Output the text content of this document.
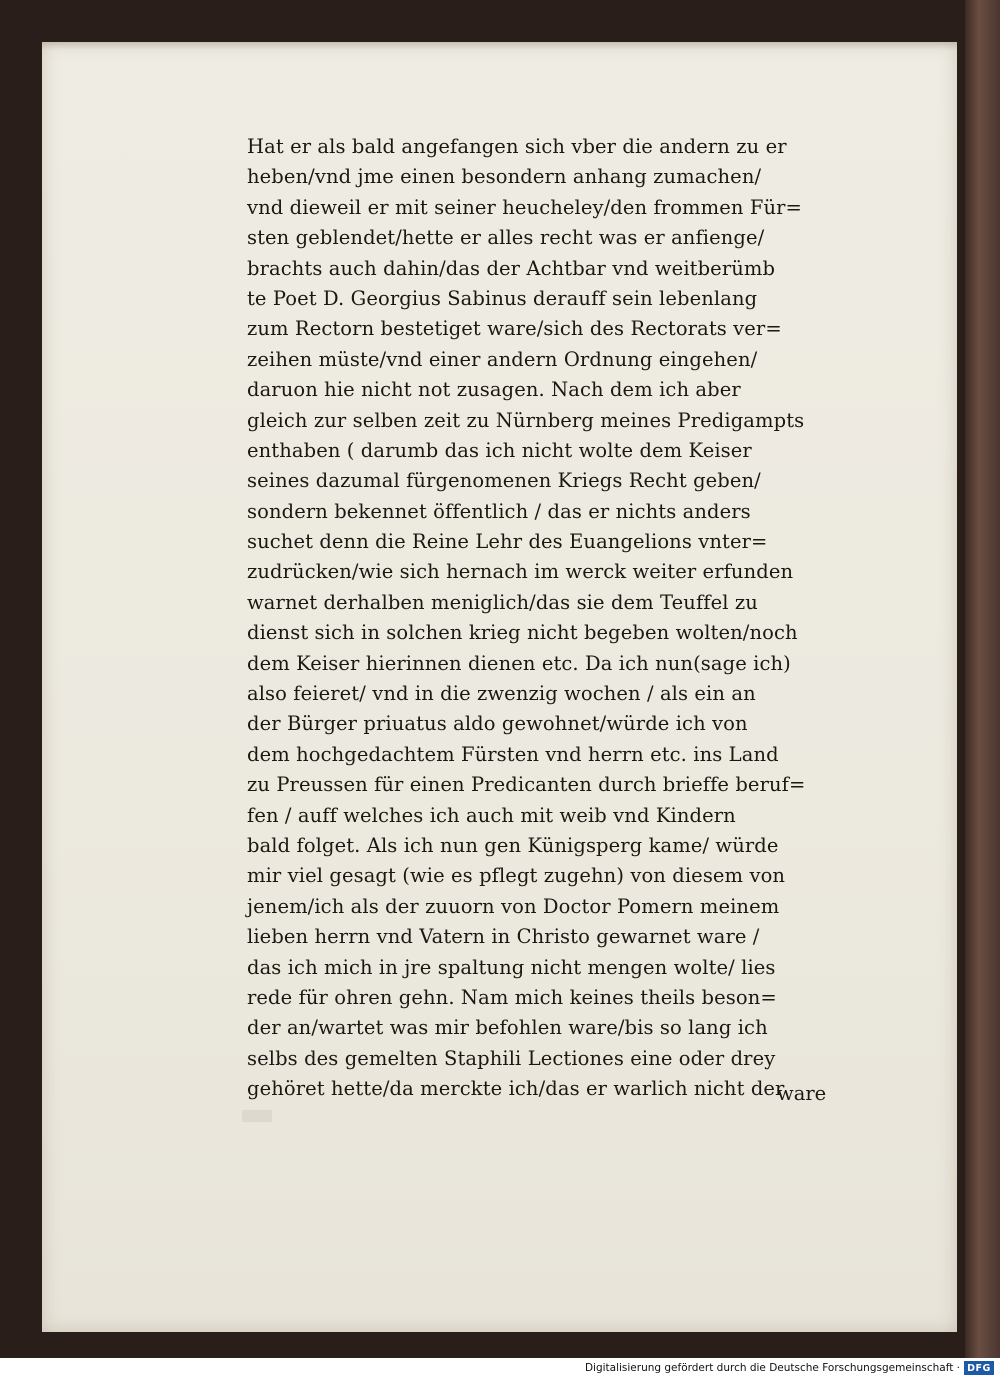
Hat er als bald angefangen sich vber die andern zu er
heben/vnd jme einen besondern anhang zumachen/
vnd dieweil er mit seiner heucheley/den frommen Für=
sten geblendet/hette er alles recht was er anfienge/
brachts auch dahin/das der Achtbar vnd weitberümb
te Poet D. Georgius Sabinus derauff sein lebenlang
zum Rectorn bestetiget ware/sich des Rectorats ver=
zeihen müste/vnd einer andern Ordnung eingehen/
daruon hie nicht not zusagen. Nach dem ich aber
gleich zur selben zeit zu Nürnberg meines Predigampts
enthaben ( darumb das ich nicht wolte dem Keiser
seines dazumal fürgenomenen Kriegs Recht geben/
sondern bekennet öffentlich / das er nichts anders
suchet denn die Reine Lehr des Euangelions vnter=
zudrücken/wie sich hernach im werck weiter erfunden
warnet derhalben meniglich/das sie dem Teuffel zu
dienst sich in solchen krieg nicht begeben wolten/noch
dem Keiser hierinnen dienen etc. Da ich nun(sage ich)
also feieret/ vnd in die zwenzig wochen / als ein an
der Bürger priuatus aldo gewohnet/würde ich von
dem hochgedachtem Fürsten vnd herrn etc. ins Land
zu Preussen für einen Predicanten durch brieffe beruf=
fen / auff welches ich auch mit weib vnd Kindern
bald folget. Als ich nun gen Künigsperg kame/ würde
mir viel gesagt (wie es pflegt zugehn) von diesem von
jenem/ich als der zuuorn von Doctor Pomern meinem
lieben herrn vnd Vatern in Christo gewarnet ware /
das ich mich in jre spaltung nicht mengen wolte/ lies
rede für ohren gehn. Nam mich keines theils beson=
der an/wartet was mir befohlen ware/bis so lang ich
selbs des gemelten Staphili Lectiones eine oder drey
gehöret hette/da merckte ich/das er warlich nicht der
ware
Digitalisierung gefördert durch die Deutsche Forschungsgemeinschaft · DFG
